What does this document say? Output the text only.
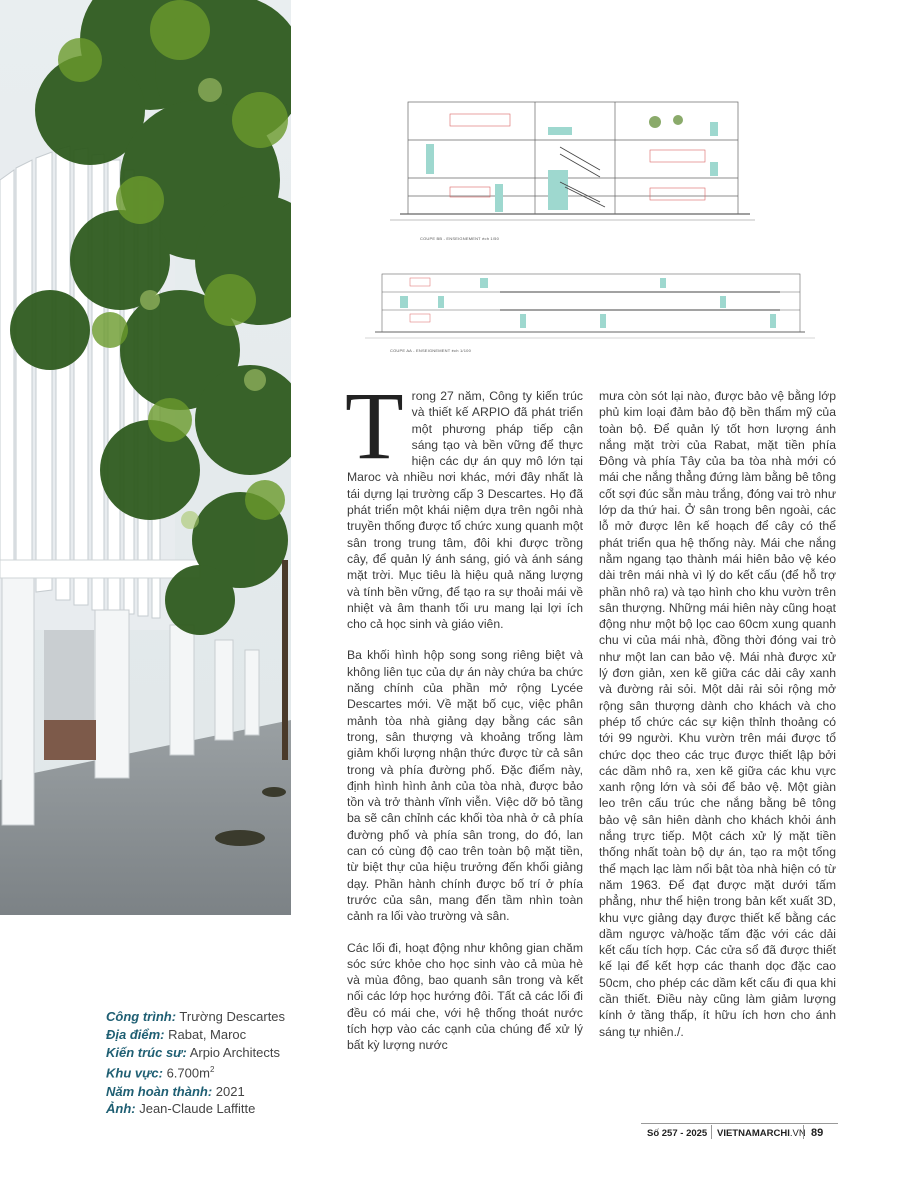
COUPE BB - ENSEIGNEMENT éch 1/50
COUPE AA - ENSEIGNEMENT éch 1/100

Trong 27 năm, Công ty kiến trúc và thiết kế ARPIO đã phát triển một phương pháp tiếp cận sáng tạo và bền vững để thực hiện các dự án quy mô lớn tại Maroc và nhiều nơi khác, mới đây nhất là tái dựng lại trường cấp 3 Descartes. Họ đã phát triển một khái niệm dựa trên ngôi nhà truyền thống được tổ chức xung quanh một sân trong trung tâm, đôi khi được trồng cây, để quản lý ánh sáng, gió và ánh sáng mặt trời. Mục tiêu là hiệu quả năng lượng và tính bền vững, để tạo ra sự thoải mái về nhiệt và âm thanh tối ưu mang lại lợi ích cho cả học sinh và giáo viên.

Ba khối hình hộp song song riêng biệt và không liên tục của dự án này chứa ba chức năng chính của phần mở rộng Lycée Descartes mới. Về mặt bố cục, việc phân mảnh tòa nhà giảng dạy bằng các sân trong, sân thượng và khoảng trống làm giảm khối lượng nhận thức được từ cả sân trong và phía đường phố. Đặc điểm này, định hình hình ảnh của tòa nhà, được bảo tồn và trở thành vĩnh viễn. Việc dỡ bỏ tầng ba sẽ cân chỉnh các khối tòa nhà ở cả phía đường phố và phía sân trong, do đó, lan can có cùng độ cao trên toàn bộ mặt tiền, từ biệt thự của hiệu trưởng đến khối giảng dạy. Phần hành chính được bố trí ở phía trước của sân, mang đến tầm nhìn toàn cảnh ra lối vào trường và sân.

Các lối đi, hoạt động như không gian chăm sóc sức khỏe cho học sinh vào cả mùa hè và mùa đông, bao quanh sân trong và kết nối các lớp học hướng đôi. Tất cả các lối đi đều có mái che, với hệ thống thoát nước tích hợp vào các cạnh của chúng để xử lý bất kỳ lượng nước

mưa còn sót lại nào, được bảo vệ bằng lớp phủ kim loại đảm bảo độ bền thẩm mỹ của toàn bộ. Để quản lý tốt hơn lượng ánh nắng mặt trời của Rabat, mặt tiền phía Đông và phía Tây của ba tòa nhà mới có mái che nắng thẳng đứng làm bằng bê tông cốt sợi đúc sẵn màu trắng, đóng vai trò như lớp da thứ hai. Ở sân trong bên ngoài, các lỗ mở được lên kế hoạch để cây có thể phát triển qua hệ thống này. Mái che nắng nằm ngang tạo thành mái hiên bảo vệ kéo dài trên mái nhà vì lý do kết cấu (để hỗ trợ phần nhô ra) và tạo hình cho khu vườn trên sân thượng. Những mái hiên này cũng hoạt động như một bộ lọc cao 60cm xung quanh chu vi của mái nhà, đồng thời đóng vai trò như một lan can bảo vệ. Mái nhà được xử lý đơn giản, xen kẽ giữa các dải cây xanh và đường rải sỏi. Một dải rải sỏi rộng mở rộng sân thượng dành cho khách và cho phép tổ chức các sự kiện thỉnh thoảng có tới 99 người. Khu vườn trên mái được tổ chức dọc theo các trục được thiết lập bởi các dầm nhô ra, xen kẽ giữa các khu vực xanh rộng lớn và sỏi để bảo vệ. Một giàn leo trên cấu trúc che nắng bằng bê tông bảo vệ sân hiên dành cho khách khỏi ánh nắng trực tiếp. Một cách xử lý mặt tiền thống nhất toàn bộ dự án, tạo ra một tổng thể mạch lạc làm nổi bật tòa nhà hiện có từ năm 1963. Để đạt được mặt dưới tấm phẳng, như thể hiện trong bản kết xuất 3D, khu vực giảng dạy được thiết kế bằng các dầm ngược và/hoặc tấm đặc với các dải kết cấu tích hợp. Các cửa sổ đã được thiết kế lại để kết hợp các thanh dọc đặc cao 50cm, cho phép các dầm kết cấu đi qua khi cần thiết. Điều này cũng làm giảm lượng kính ở tầng thấp, ít hữu ích hơn cho ánh sáng tự nhiên./.

Công trình: Trường Descartes
Địa điểm: Rabat, Maroc
Kiến trúc sư: Arpio Architects
Khu vực: $6.700m^2$
Năm hoàn thành: 2021
Ảnh: Jean-Claude Laffitte
Số 257 - 2025 VIETNAMARCHI.VN 89
